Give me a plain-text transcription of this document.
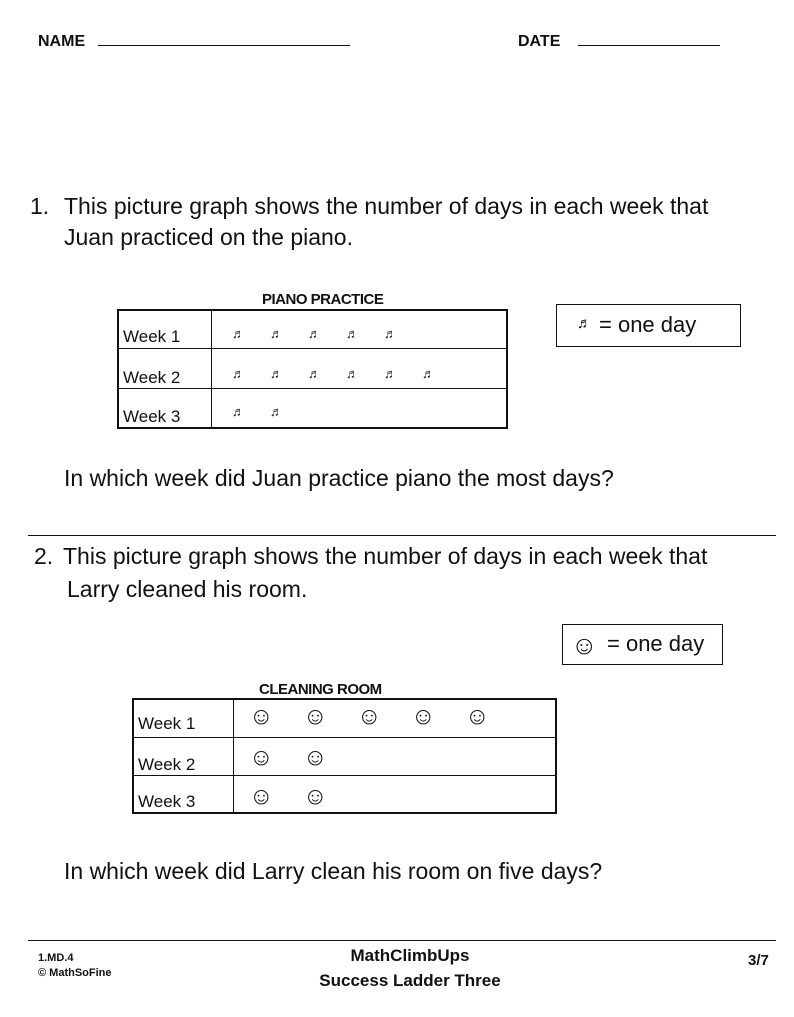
NAME	DATE
1. This picture graph shows the number of days in each week that
Juan practiced on the piano.
PIANO PRACTICE
Week 1
Week 2
Week 3
♬ ♬ ♬ ♬ ♬
♬ ♬ ♬ ♬ ♬ ♬
♬ ♬
♬ = one day
In which week did Juan practice piano the most days?
2. This picture graph shows the number of days in each week that
Larry cleaned his room.
☺ = one day
CLEANING ROOM
Week 1
Week 2
Week 3
☺ ☺ ☺ ☺ ☺
☺ ☺
☺ ☺
In which week did Larry clean his room on five days?
1.MD.4
© MathSoFine
MathClimbUps
Success Ladder Three
3/7
